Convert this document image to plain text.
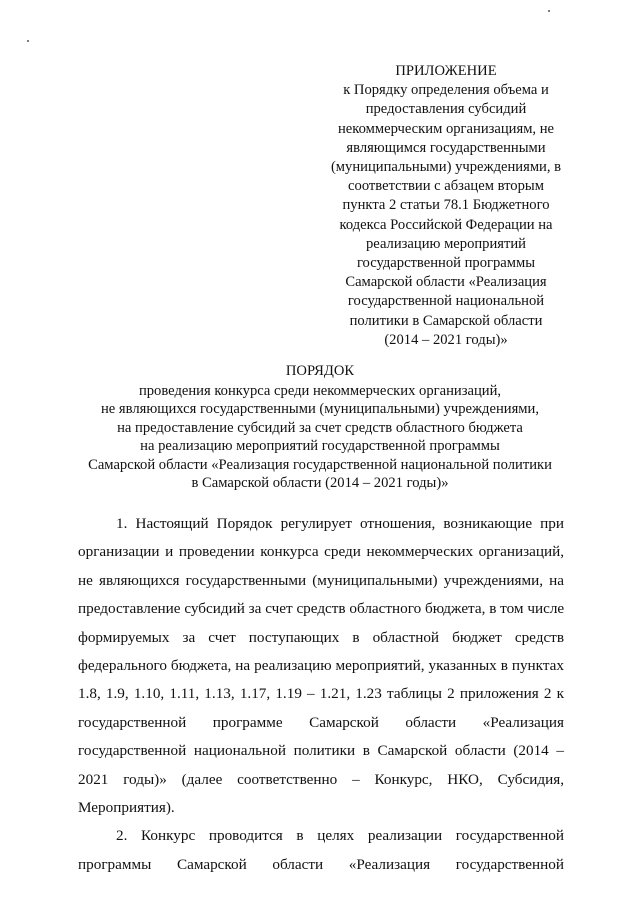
ПРИЛОЖЕНИЕ
к Порядку определения объема и
предоставления субсидий
некоммерческим организациям, не
являющимся государственными
(муниципальными) учреждениями, в
соответствии с абзацем вторым
пункта 2 статьи 78.1 Бюджетного
кодекса Российской Федерации на
реализацию мероприятий
государственной программы
Самарской области «Реализация
государственной национальной
политики в Самарской области
(2014 – 2021 годы)»
ПОРЯДОК
проведения конкурса среди некоммерческих организаций,
не являющихся государственными (муниципальными) учреждениями,
на предоставление субсидий за счет средств областного бюджета
на реализацию мероприятий государственной программы
Самарской области «Реализация государственной национальной политики
в Самарской области (2014 – 2021 годы)»
1. Настоящий Порядок регулирует отношения, возникающие при
организации и проведении конкурса среди некоммерческих организаций,
не являющихся государственными (муниципальными) учреждениями, на
предоставление субсидий за счет средств областного бюджета, в том числе
формируемых за счет поступающих в областной бюджет средств
федерального бюджета, на реализацию мероприятий, указанных в пунктах
1.8, 1.9, 1.10, 1.11, 1.13, 1.17, 1.19 – 1.21, 1.23 таблицы 2 приложения 2 к
государственной программе Самарской области «Реализация
государственной национальной политики в Самарской области (2014 –
2021 годы)» (далее соответственно – Конкурс, НКО, Субсидия,
Мероприятия).
2. Конкурс проводится в целях реализации государственной
программы Самарской области «Реализация государственной
